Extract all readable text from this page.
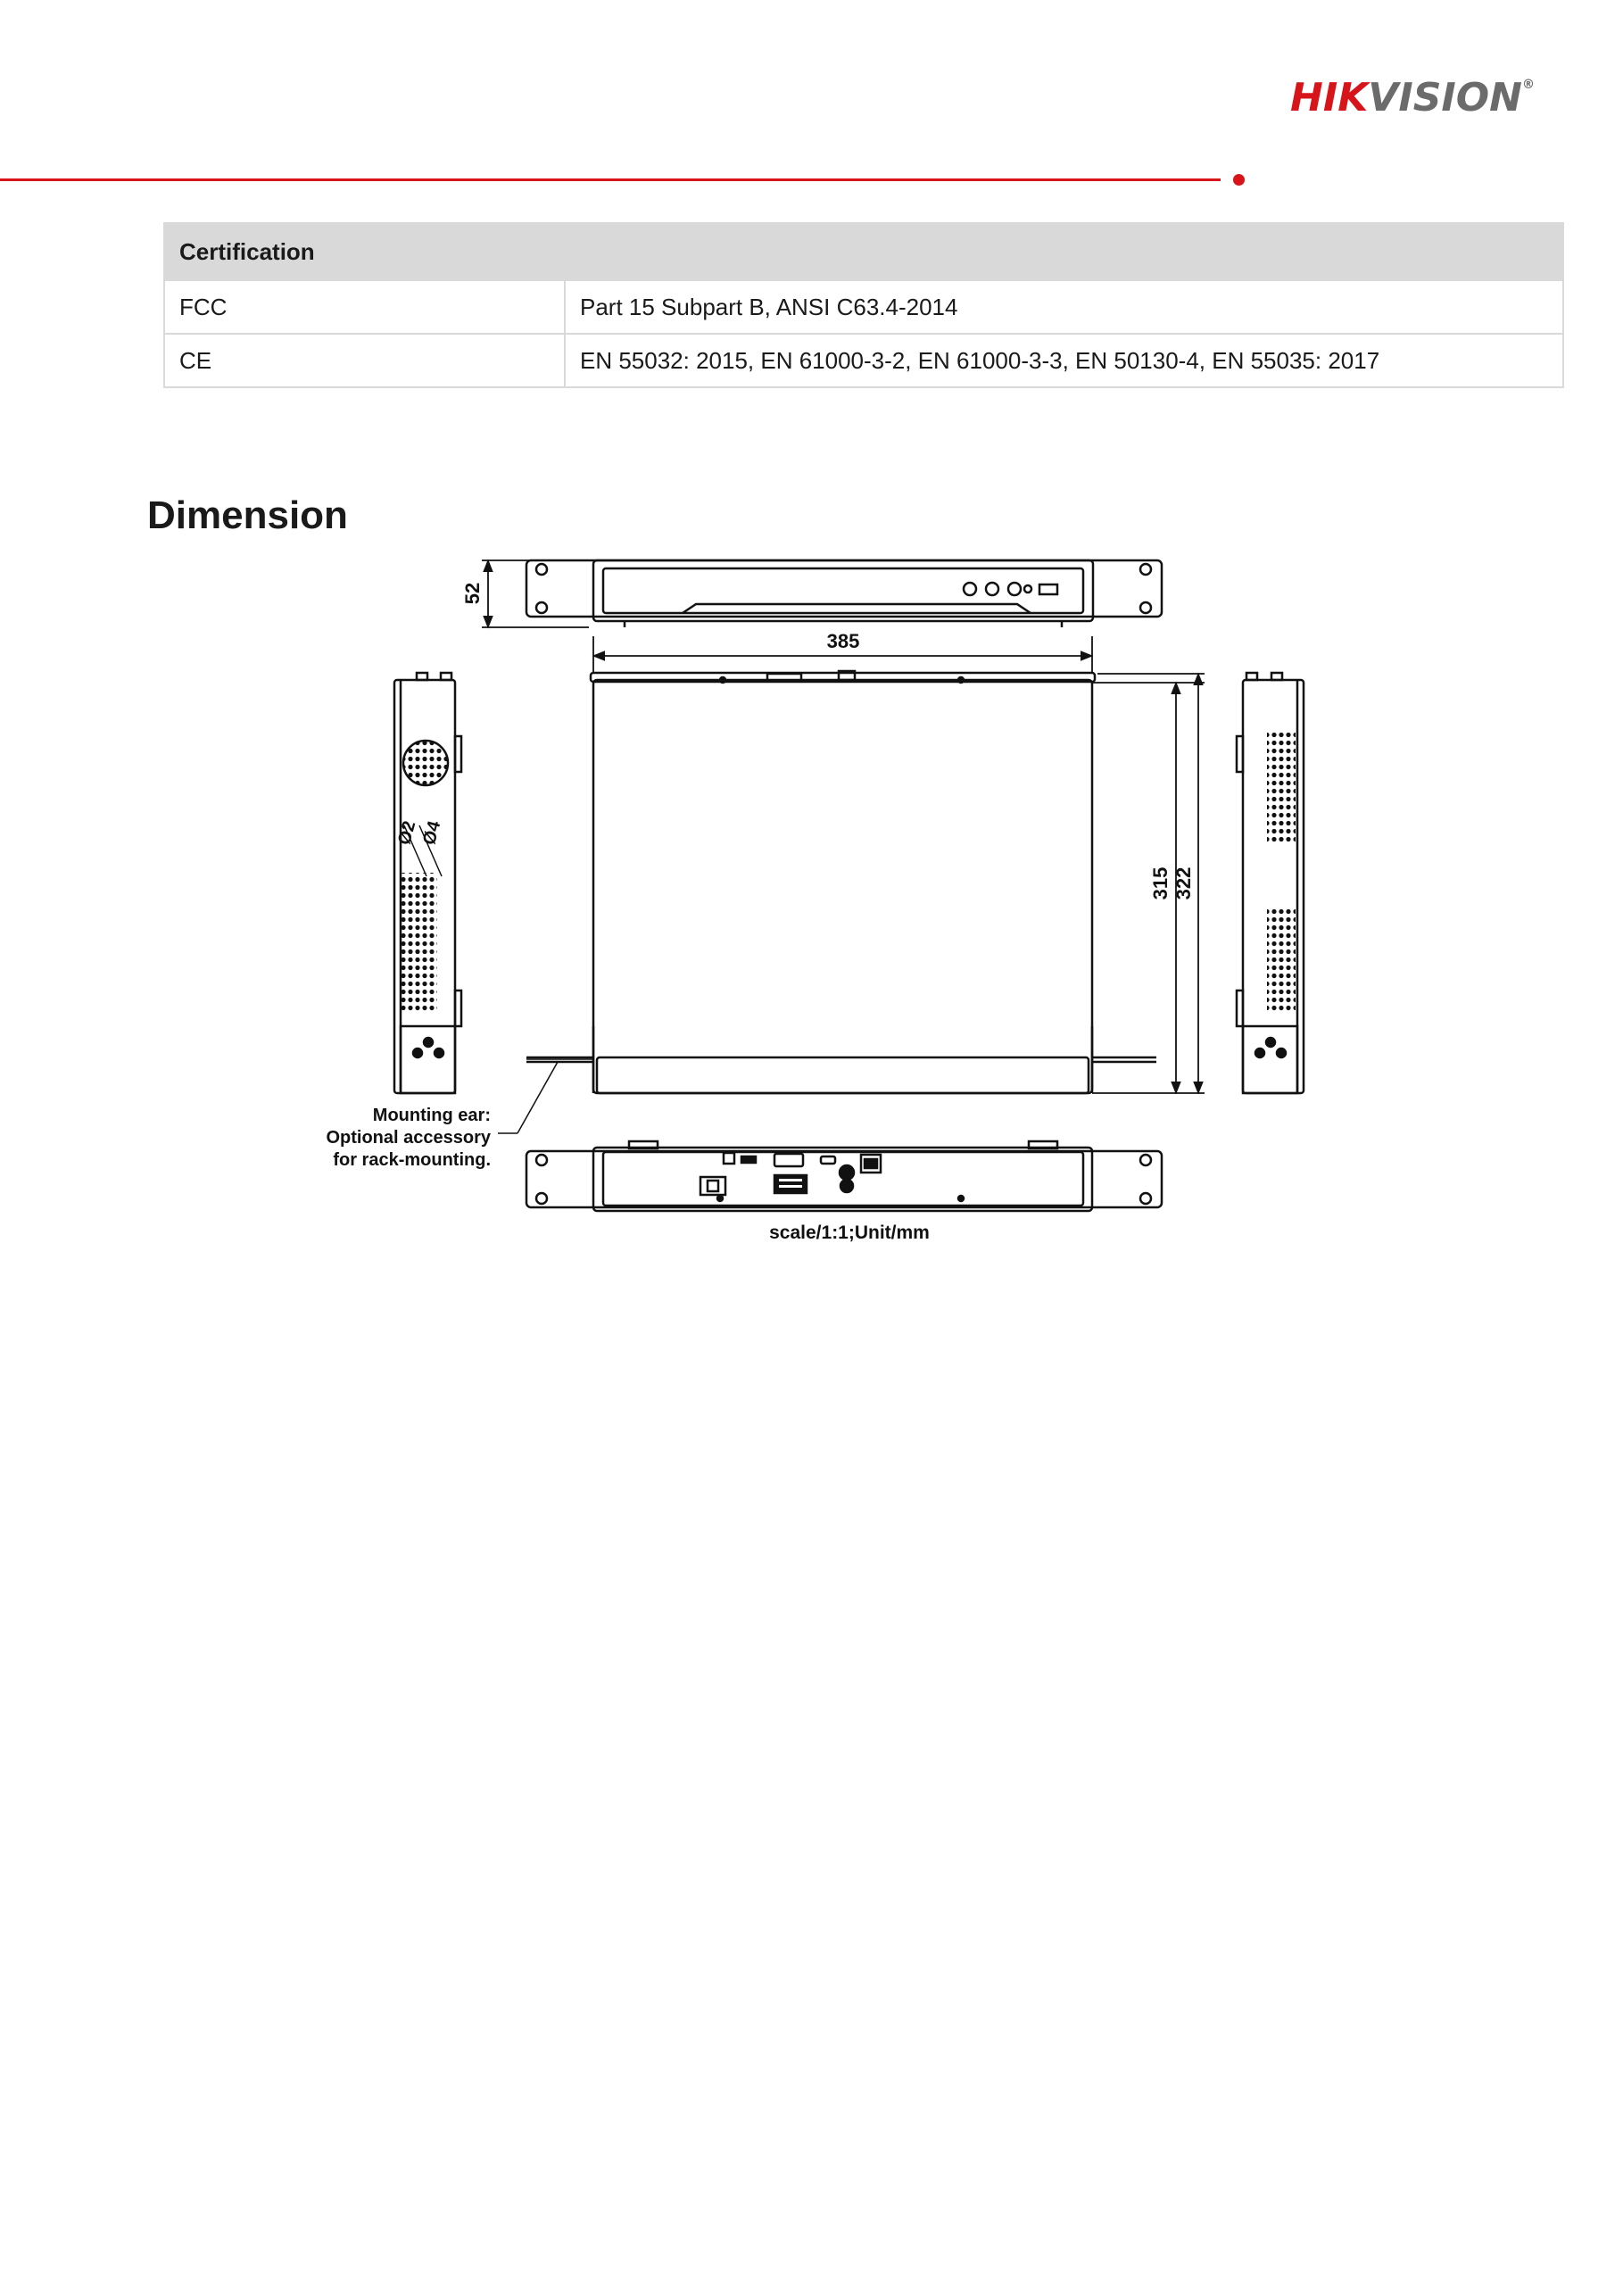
HIKVISION®
Certification	
FCC	Part 15 Subpart B, ANSI C63.4-2014
CE	EN 55032: 2015, EN 61000-3-2, EN 61000-3-3, EN 50130-4, EN 55035: 2017
Dimension
52
385
315 322
Ø2 Ø4
Mounting ear:
Optional accessory
for rack-mounting.
scale/1:1;Unit/mm
